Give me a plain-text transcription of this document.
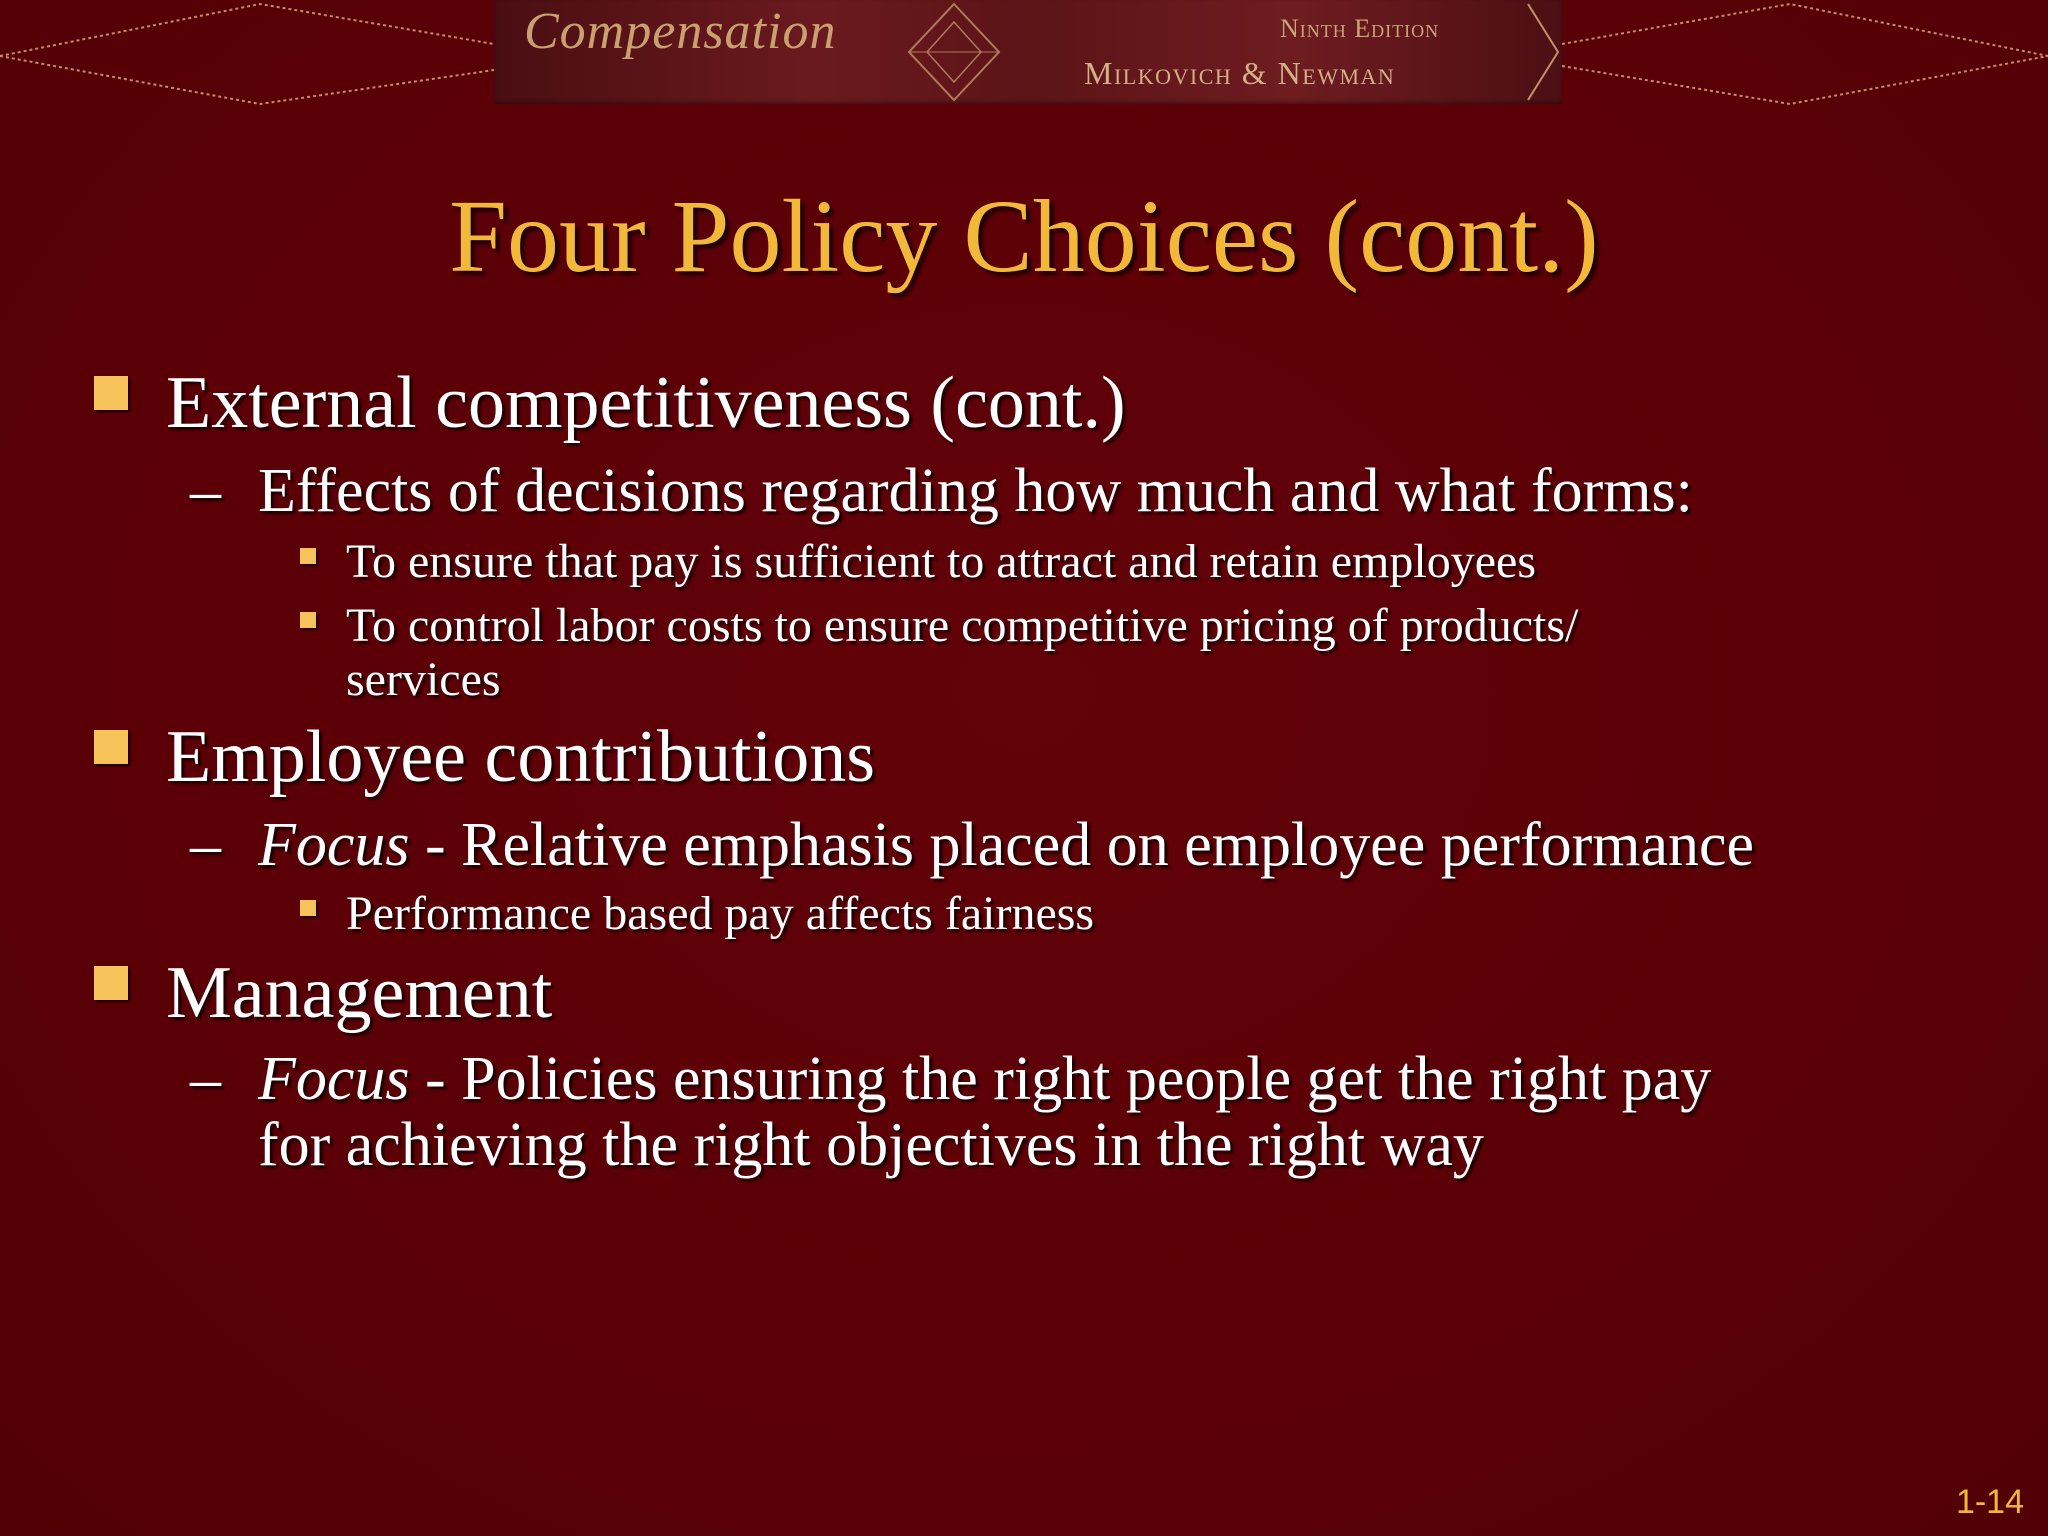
Compensation	Ninth Edition
Milkovich & Newman
Four Policy Choices (cont.)
External competitiveness (cont.)
– Effects of decisions regarding how much and what forms:
To ensure that pay is sufficient to attract and retain employees
To control labor costs to ensure competitive pricing of products/
services
Employee contributions
– Focus - Relative emphasis placed on employee performance
Performance based pay affects fairness
Management
– Focus - Policies ensuring the right people get the right pay
for achieving the right objectives in the right way
1-14
